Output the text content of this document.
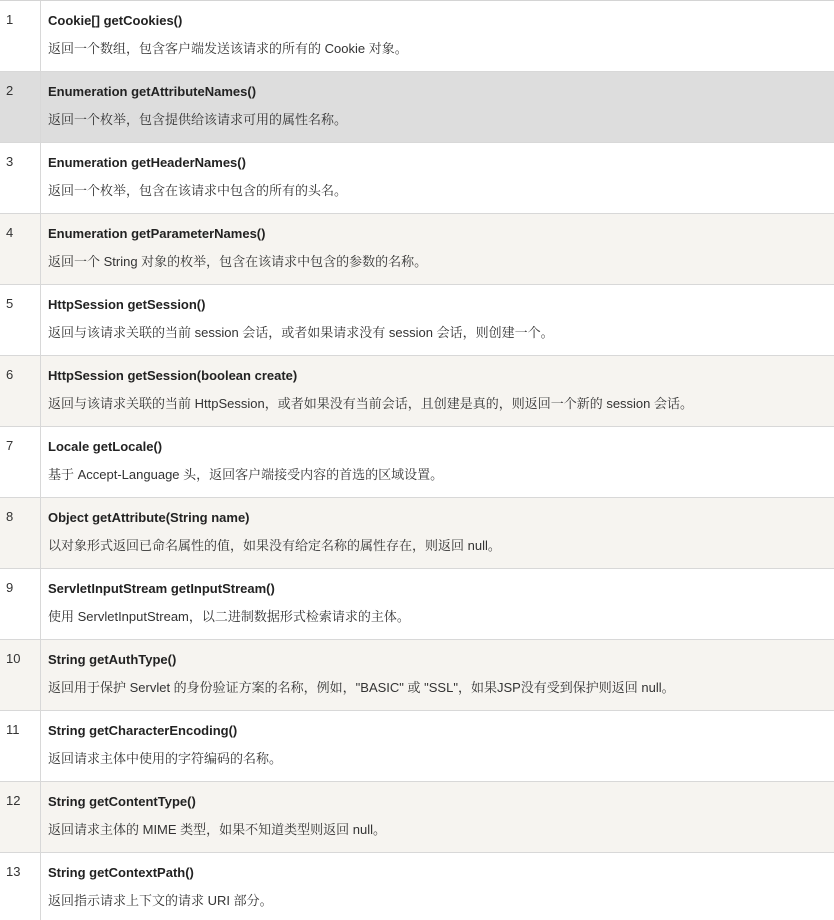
1	Cookie[] getCookies()
返回一个数组，包含客户端发送该请求的所有的 Cookie 对象。
2	Enumeration getAttributeNames()
返回一个枚举，包含提供给该请求可用的属性名称。
3	Enumeration getHeaderNames()
返回一个枚举，包含在该请求中包含的所有的头名。
4	Enumeration getParameterNames()
返回一个 String 对象的枚举，包含在该请求中包含的参数的名称。
5	HttpSession getSession()
返回与该请求关联的当前 session 会话，或者如果请求没有 session 会话，则创建一个。
6	HttpSession getSession(boolean create)
返回与该请求关联的当前 HttpSession，或者如果没有当前会话，且创建是真的，则返回一个新的 session 会话。
7	Locale getLocale()
基于 Accept-Language 头，返回客户端接受内容的首选的区域设置。
8	Object getAttribute(String name)
以对象形式返回已命名属性的值，如果没有给定名称的属性存在，则返回 null。
9	ServletInputStream getInputStream()
使用 ServletInputStream，以二进制数据形式检索请求的主体。
10	String getAuthType()
返回用于保护 Servlet 的身份验证方案的名称，例如，"BASIC" 或 "SSL"，如果JSP没有受到保护则返回 null。
11	String getCharacterEncoding()
返回请求主体中使用的字符编码的名称。
12	String getContentType()
返回请求主体的 MIME 类型，如果不知道类型则返回 null。
13	String getContextPath()
返回指示请求上下文的请求 URI 部分。
